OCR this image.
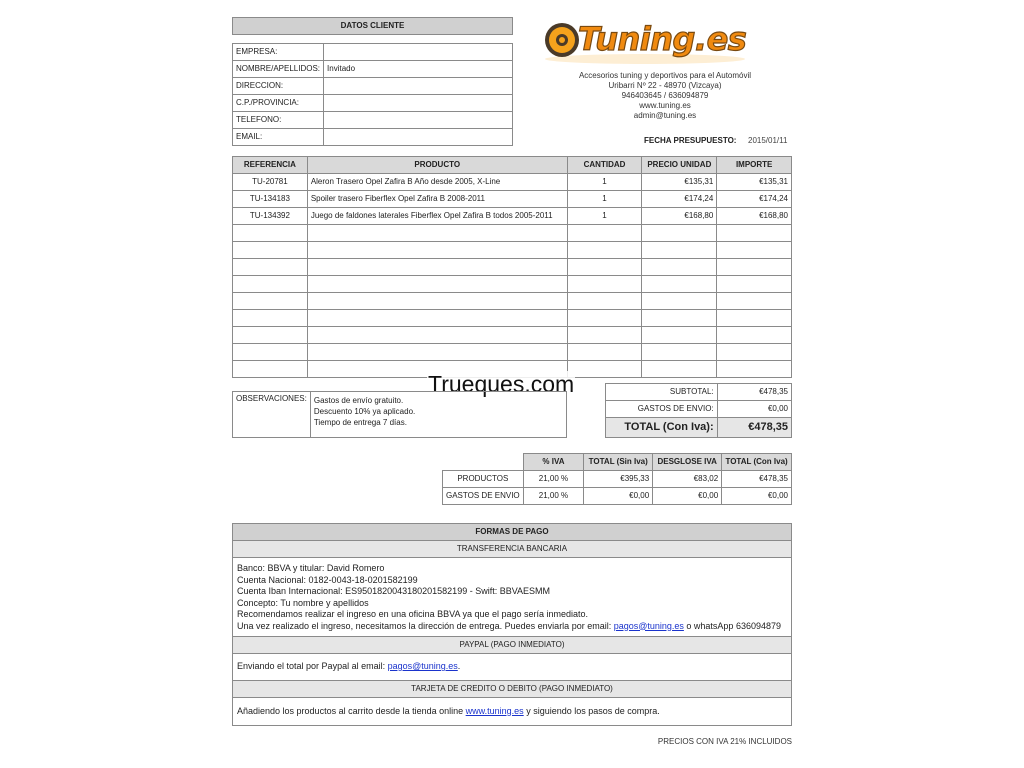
DATOS CLIENTE
EMPRESA:	
NOMBRE/APELLIDOS:	Invitado
DIRECCION:	
C.P./PROVINCIA:	
TELEFONO:	
EMAIL:	
Tuning.es
Accesorios tuning y deportivos para el Automóvil
Uribarri Nº 22 - 48970 (Vizcaya)
946403645 / 636094879
www.tuning.es
admin@tuning.es
FECHA PRESUPUESTO: 2015/01/11
REFERENCIA	PRODUCTO	CANTIDAD	PRECIO UNIDAD	IMPORTE
TU-20781	Aleron Trasero Opel Zafira B Año desde 2005, X-Line	1	€135,31	€135,31
TU-134183	Spoiler trasero Fiberflex Opel Zafira B 2008-2011	1	€174,24	€174,24
TU-134392	Juego de faldones laterales Fiberflex Opel Zafira B todos 2005-2011	1	€168,80	€168,80

Trueques.com
OBSERVACIONES:	Gastos de envío gratuito.
Descuento 10% ya aplicado.
Tiempo de entrega 7 días.
SUBTOTAL:	€478,35
GASTOS DE ENVIO:	€0,00
TOTAL (Con Iva):	€478,35
	% IVA	TOTAL (Sin Iva)	DESGLOSE IVA	TOTAL (Con Iva)
PRODUCTOS	21,00 %	€395,33	€83,02	€478,35
GASTOS DE ENVIO	21,00 %	€0,00	€0,00	€0,00
FORMAS DE PAGO
TRANSFERENCIA BANCARIA
Banco: BBVA y titular: David Romero
Cuenta Nacional: 0182-0043-18-0201582199
Cuenta Iban Internacional: ES9501820043180201582199 - Swift: BBVAESMM
Concepto: Tu nombre y apellidos
Recomendamos realizar el ingreso en una oficina BBVA ya que el pago sería inmediato.
Una vez realizado el ingreso, necesitamos la dirección de entrega. Puedes enviarla por email: pagos@tuning.es o whatsApp 636094879
PAYPAL (PAGO INMEDIATO)
Enviando el total por Paypal al email: pagos@tuning.es.
TARJETA DE CREDITO O DEBITO (PAGO INMEDIATO)
Añadiendo los productos al carrito desde la tienda online www.tuning.es y siguiendo los pasos de compra.
PRECIOS CON IVA 21% INCLUIDOS
